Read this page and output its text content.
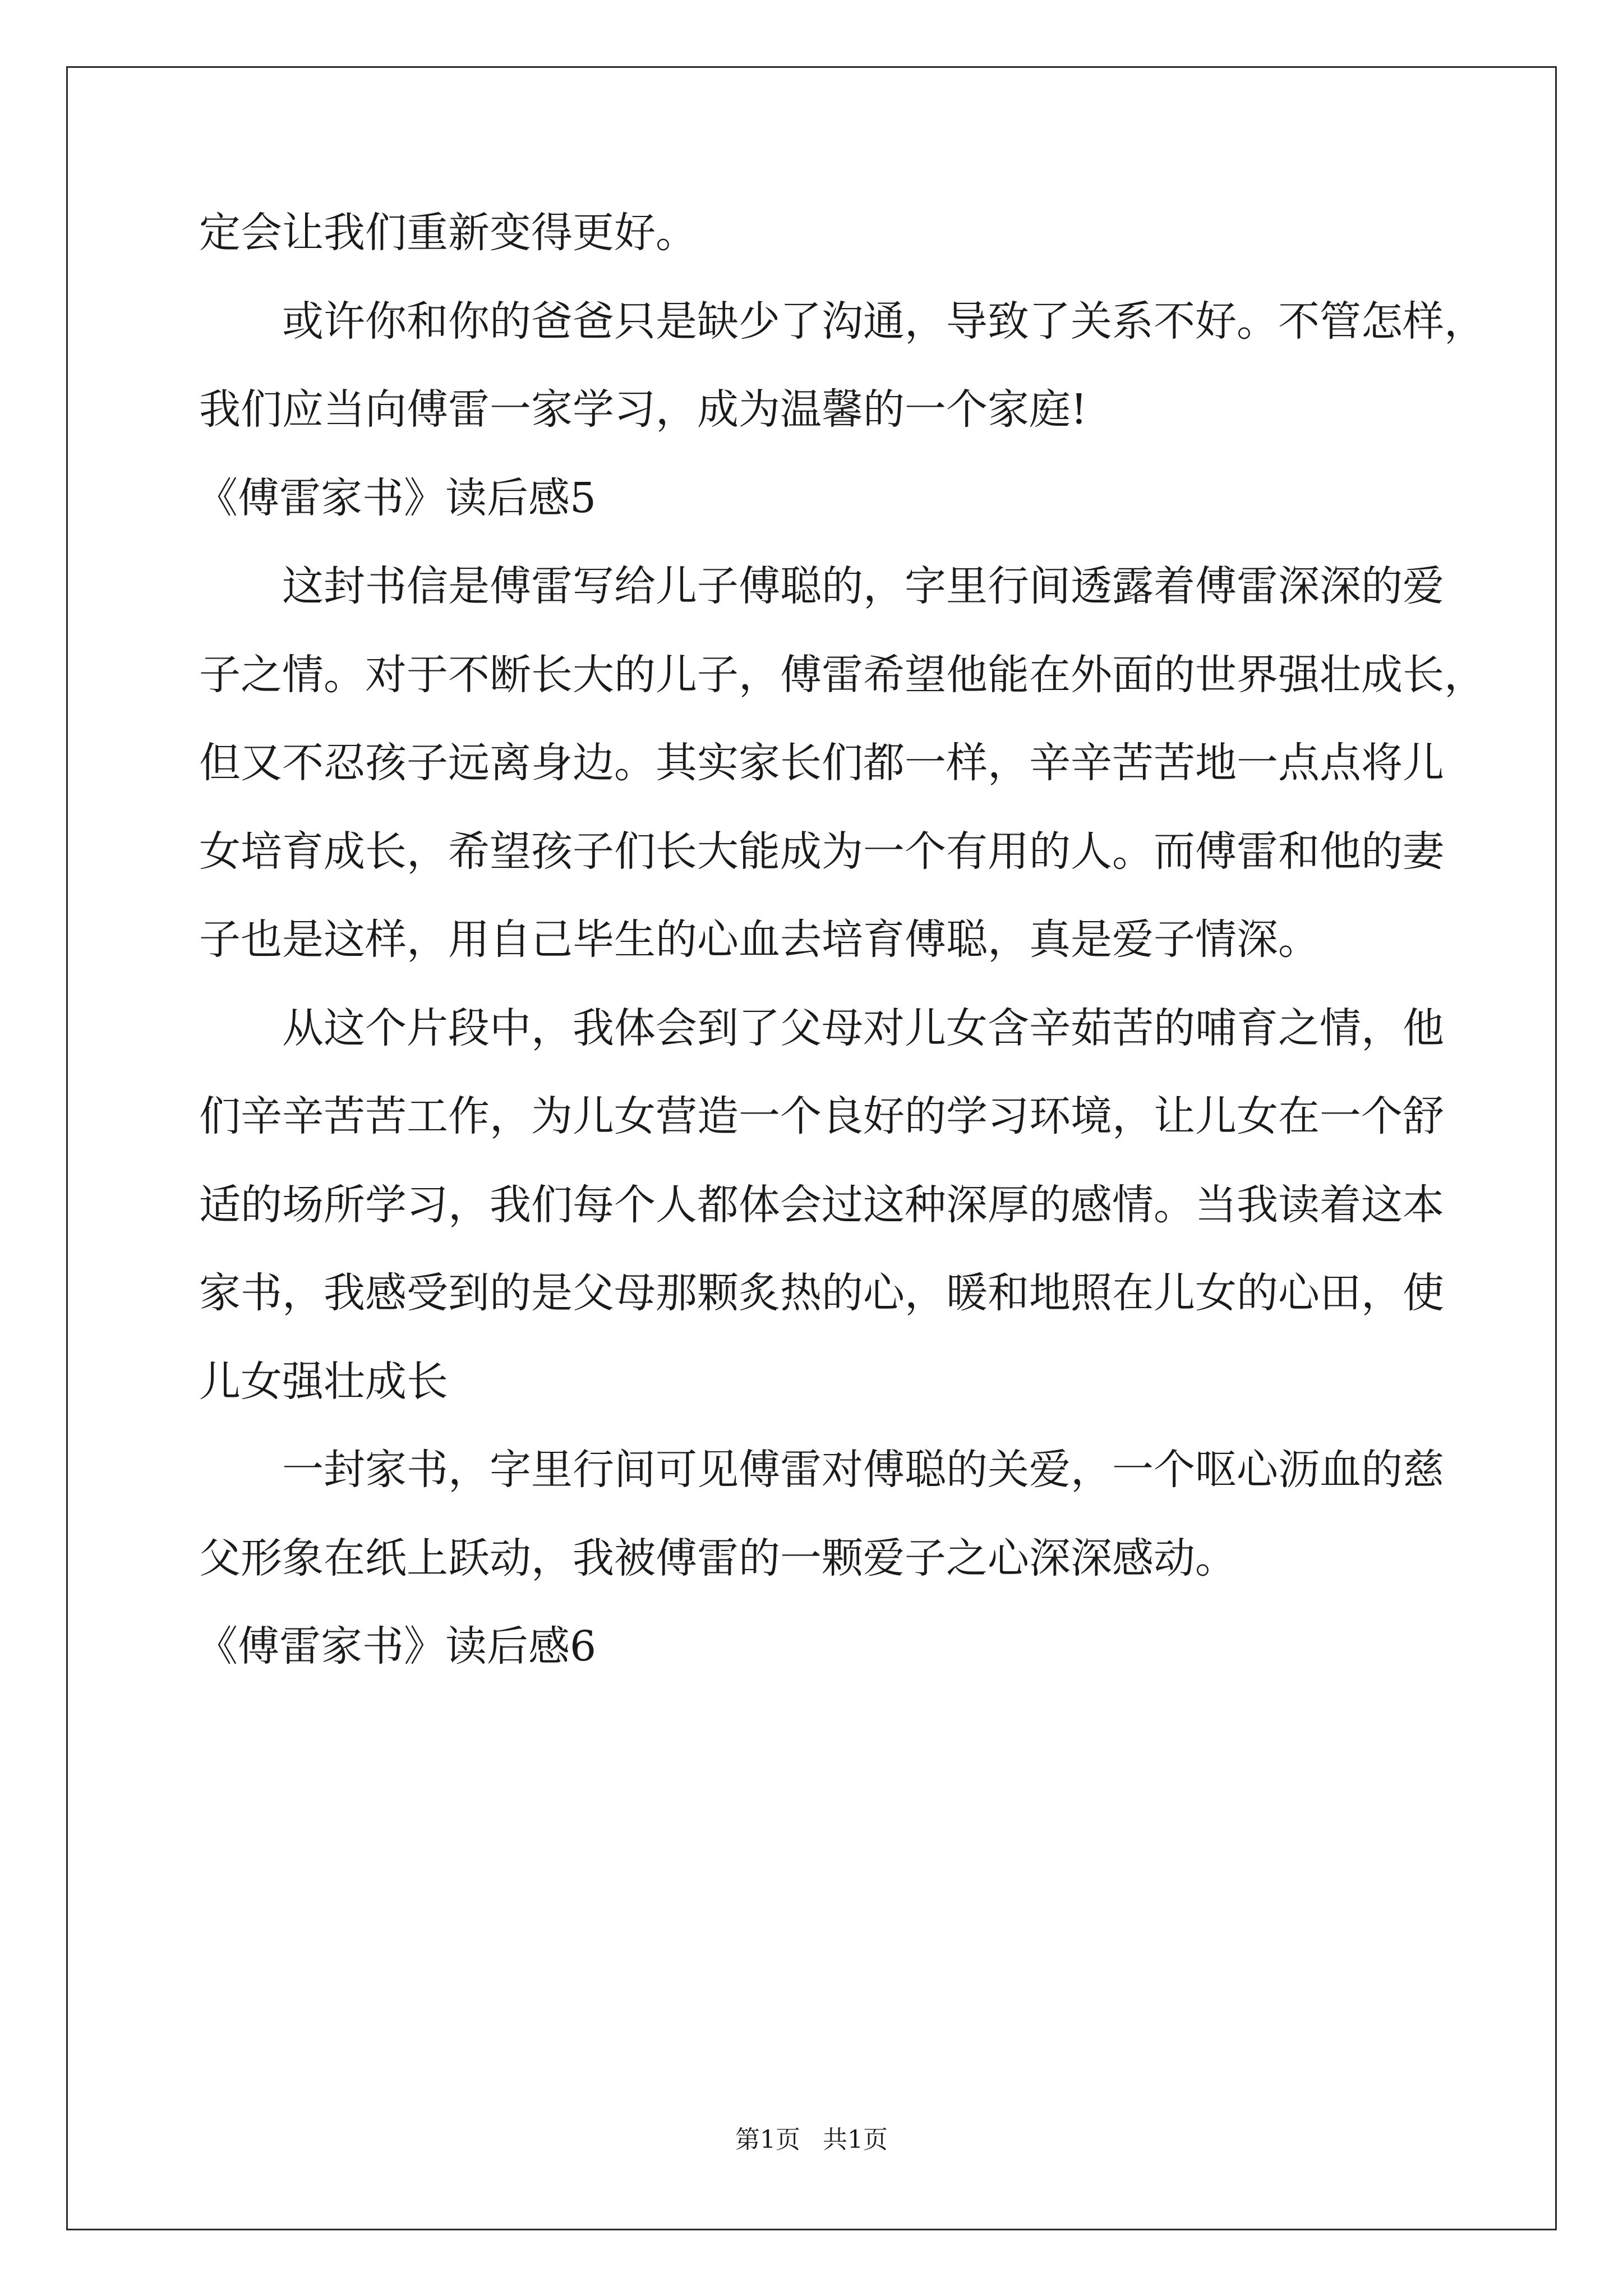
定会让我们重新变得更好。
或许你和你的爸爸只是缺少了沟通，导致了关系不好。不管怎样，
我们应当向傅雷一家学习，成为温馨的一个家庭!
《傅雷家书》读后感5
这封书信是傅雷写给儿子傅聪的，字里行间透露着傅雷深深的爱
子之情。对于不断长大的儿子，傅雷希望他能在外面的世界强壮成长，
但又不忍孩子远离身边。其实家长们都一样，辛辛苦苦地一点点将儿
女培育成长，希望孩子们长大能成为一个有用的人。而傅雷和他的妻
子也是这样，用自己毕生的心血去培育傅聪，真是爱子情深。
从这个片段中，我体会到了父母对儿女含辛茹苦的哺育之情，他
们辛辛苦苦工作，为儿女营造一个良好的学习环境，让儿女在一个舒
适的场所学习，我们每个人都体会过这种深厚的感情。当我读着这本
家书，我感受到的是父母那颗炙热的心，暖和地照在儿女的心田，使
儿女强壮成长
一封家书，字里行间可见傅雷对傅聪的关爱，一个呕心沥血的慈
父形象在纸上跃动，我被傅雷的一颗爱子之心深深感动。
《傅雷家书》读后感6
第1页 共1页
